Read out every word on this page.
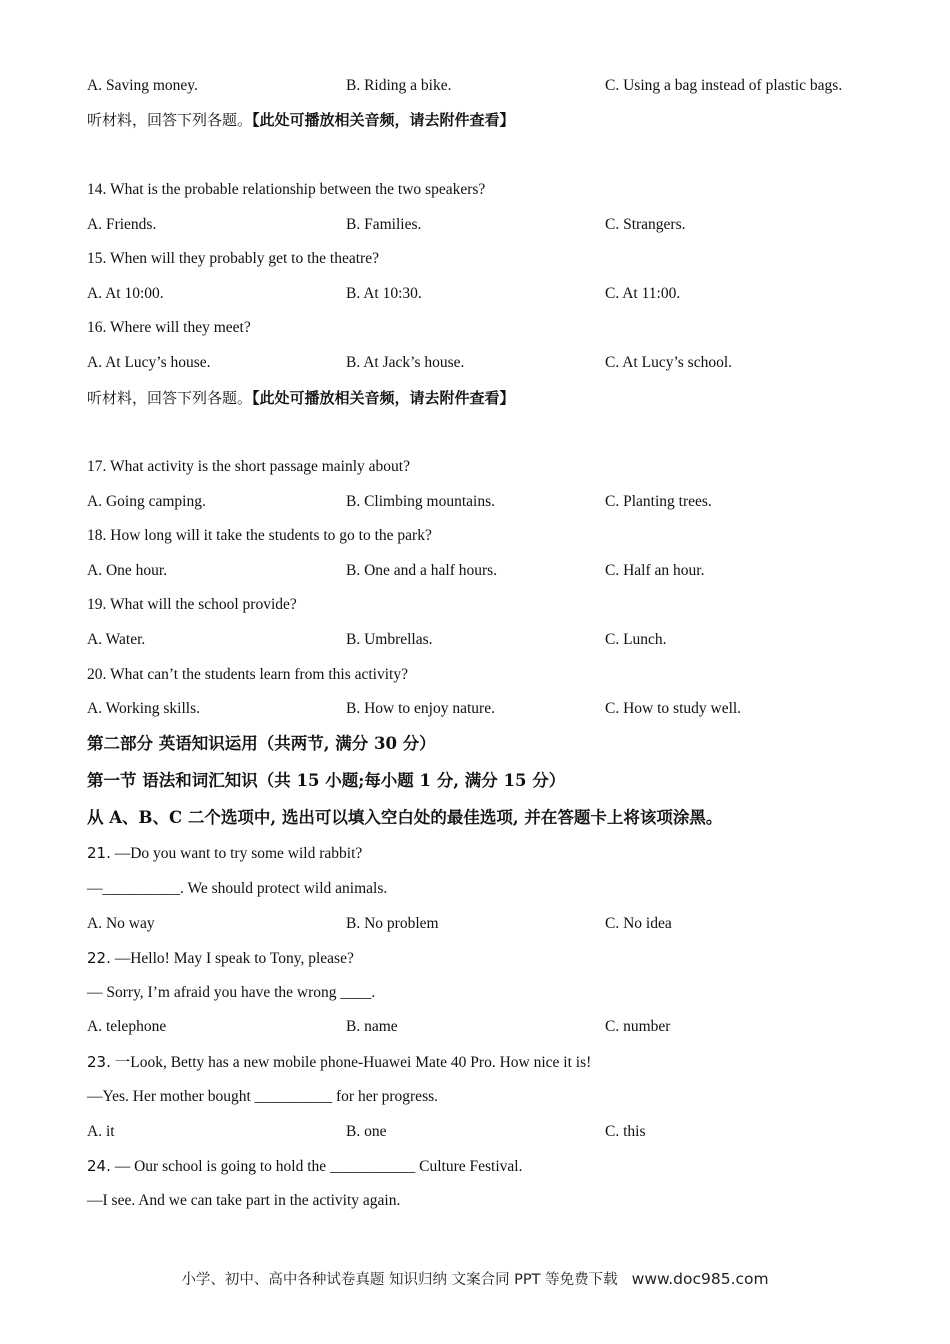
A. Saving money.	B. Riding a bike.	C. Using a bag instead of plastic bags.
听材料，回答下列各题。【此处可播放相关音频，请去附件查看】
14. What is the probable relationship between the two speakers?
A. Friends.	B. Families.	C. Strangers.
15. When will they probably get to the theatre?
A. At 10:00.	B. At 10:30.	C. At 11:00.
16. Where will they meet?
A. At Lucy’s house.	B. At Jack’s house.	C. At Lucy’s school.
听材料，回答下列各题。【此处可播放相关音频，请去附件查看】
17. What activity is the short passage mainly about?
A. Going camping.	B. Climbing mountains.	C. Planting trees.
18. How long will it take the students to go to the park?
A. One hour.	B. One and a half hours.	C. Half an hour.
19. What will the school provide?
A. Water.	B. Umbrellas.	C. Lunch.
20. What can’t the students learn from this activity?
A. Working skills.	B. How to enjoy nature.	C. How to study well.
第二部分 英语知识运用（共两节, 满分 30 分）
第一节 语法和词汇知识（共 15 小题;每小题 1 分, 满分 15 分）
从 A、B、C 二个选项中, 选出可以填入空白处的最佳选项, 并在答题卡上将该项涂黑。
21. —Do you want to try some wild rabbit?
—__________. We should protect wild animals.
A. No way	B. No problem	C. No idea
22. —Hello! May I speak to Tony, please?
— Sorry, I’m afraid you have the wrong ____.
A. telephone	B. name	C. number
23. 一Look, Betty has a new mobile phone-Huawei Mate 40 Pro. How nice it is!
—Yes. Her mother bought __________ for her progress.
A. it	B. one	C. this
24. — Our school is going to hold the ___________ Culture Festival.
—I see. And we can take part in the activity again.
小学、初中、高中各种试卷真题 知识归纳 文案合同 PPT 等免费下载 www.doc985.com
